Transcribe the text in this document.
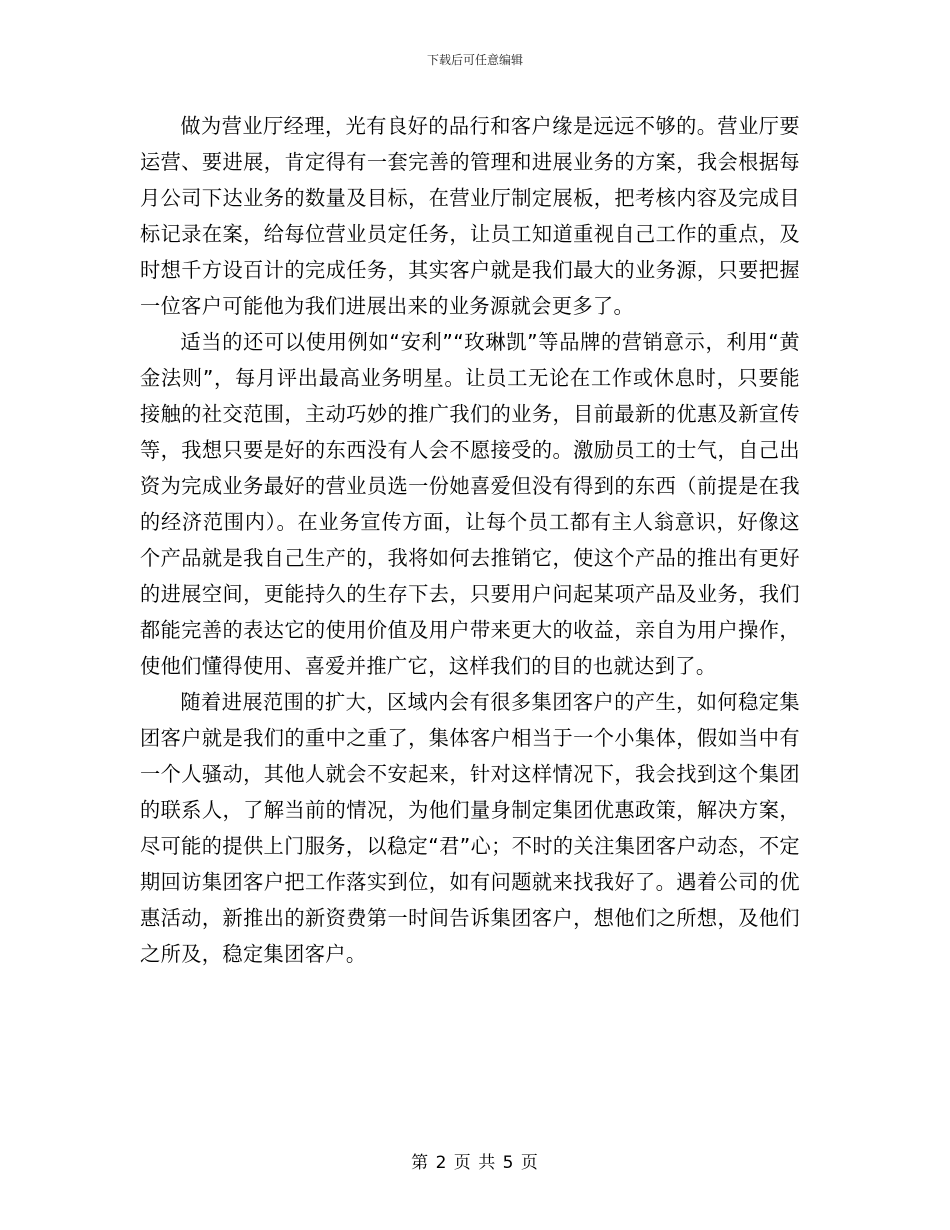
下载后可任意编辑

做为营业厅经理，光有良好的品行和客户缘是远远不够的。营业厅要运营、要进展，肯定得有一套完善的管理和进展业务的方案，我会根据每月公司下达业务的数量及目标，在营业厅制定展板，把考核内容及完成目标记录在案，给每位营业员定任务，让员工知道重视自己工作的重点，及时想千方设百计的完成任务，其实客户就是我们最大的业务源，只要把握一位客户可能他为我们进展出来的业务源就会更多了。

适当的还可以使用例如“安利”“玫琳凯”等品牌的营销意示，利用“黄金法则”，每月评出最高业务明星。让员工无论在工作或休息时，只要能接触的社交范围，主动巧妙的推广我们的业务，目前最新的优惠及新宣传等，我想只要是好的东西没有人会不愿接受的。激励员工的士气，自己出资为完成业务最好的营业员选一份她喜爱但没有得到的东西（前提是在我的经济范围内）。在业务宣传方面，让每个员工都有主人翁意识，好像这个产品就是我自己生产的，我将如何去推销它，使这个产品的推出有更好的进展空间，更能持久的生存下去，只要用户问起某项产品及业务，我们都能完善的表达它的使用价值及用户带来更大的收益，亲自为用户操作，使他们懂得使用、喜爱并推广它，这样我们的目的也就达到了。

随着进展范围的扩大，区域内会有很多集团客户的产生，如何稳定集团客户就是我们的重中之重了，集体客户相当于一个小集体，假如当中有一个人骚动，其他人就会不安起来，针对这样情况下，我会找到这个集团的联系人，了解当前的情况，为他们量身制定集团优惠政策，解决方案，尽可能的提供上门服务，以稳定“君”心；不时的关注集团客户动态，不定期回访集团客户把工作落实到位，如有问题就来找我好了。遇着公司的优惠活动，新推出的新资费第一时间告诉集团客户，想他们之所想，及他们之所及，稳定集团客户。

第 2 页 共 5 页
